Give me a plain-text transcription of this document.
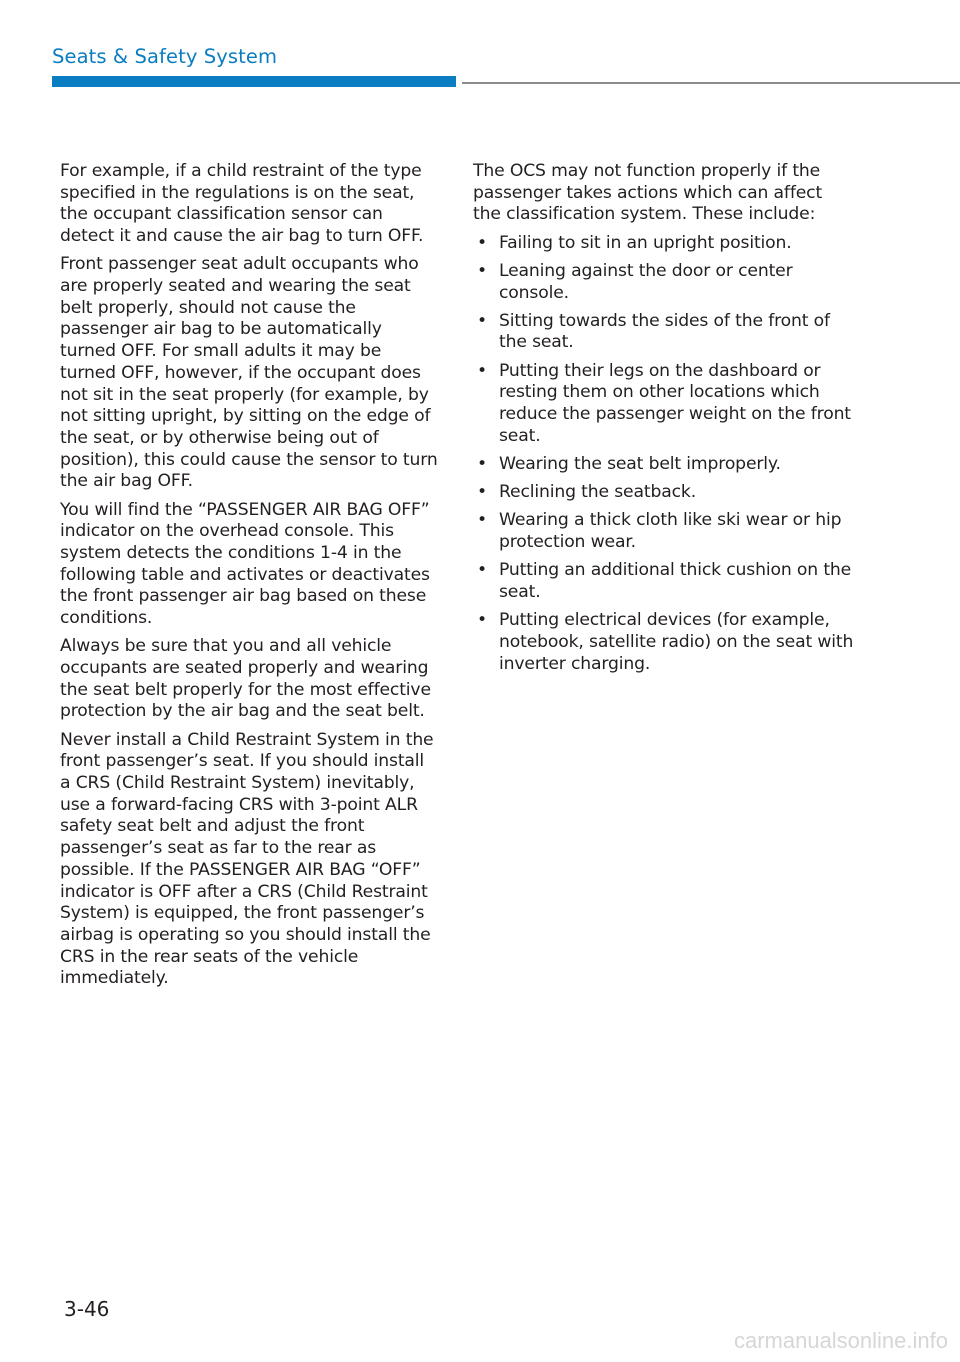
Seats & Safety System

For example, if a child restraint of the type specified in the regulations is on the seat, the occupant classification sensor can detect it and cause the air bag to turn OFF.

Front passenger seat adult occupants who are properly seated and wearing the seat belt properly, should not cause the passenger air bag to be automatically turned OFF. For small adults it may be turned OFF, however, if the occupant does not sit in the seat properly (for example, by not sitting upright, by sitting on the edge of the seat, or by otherwise being out of position), this could cause the sensor to turn the air bag OFF.

You will find the “PASSENGER AIR BAG OFF” indicator on the overhead console. This system detects the conditions 1-4 in the following table and activates or deactivates the front passenger air bag based on these conditions.

Always be sure that you and all vehicle occupants are seated properly and wearing the seat belt properly for the most effective protection by the air bag and the seat belt.

Never install a Child Restraint System in the front passenger’s seat. If you should install a CRS (Child Restraint System) inevitably, use a forward-facing CRS with 3-point ALR safety seat belt and adjust the front passenger’s seat as far to the rear as possible. If the PASSENGER AIR BAG “OFF” indicator is OFF after a CRS (Child Restraint System) is equipped, the front passenger’s airbag is operating so you should install the CRS in the rear seats of the vehicle immediately.

The OCS may not function properly if the passenger takes actions which can affect the classification system. These include:

• Failing to sit in an upright position.
• Leaning against the door or center console.
• Sitting towards the sides of the front of the seat.
• Putting their legs on the dashboard or resting them on other locations which reduce the passenger weight on the front seat.
• Wearing the seat belt improperly.
• Reclining the seatback.
• Wearing a thick cloth like ski wear or hip protection wear.
• Putting an additional thick cushion on the seat.
• Putting electrical devices (for example, notebook, satellite radio) on the seat with inverter charging.
3-46
carmanualsonline.info
